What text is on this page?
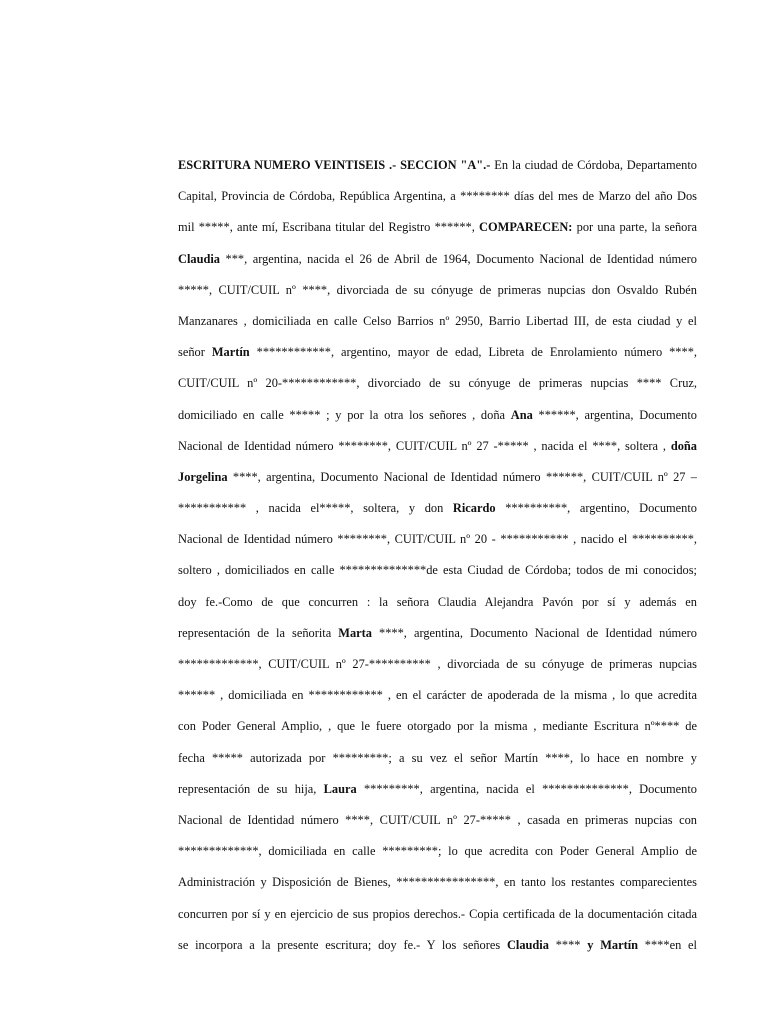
ESCRITURA NUMERO VEINTISEIS .- SECCION "A".- En la ciudad de Córdoba, Departamento
Capital, Provincia de Córdoba, República Argentina, a ******** días del mes de Marzo del año Dos
mil *****, ante mí, Escribana titular del Registro ******, COMPARECEN: por una parte, la señora
Claudia ***, argentina, nacida el 26 de Abril de 1964, Documento Nacional de Identidad número
*****, CUIT/CUIL nº ****, divorciada de su cónyuge de primeras nupcias don Osvaldo Rubén
Manzanares , domiciliada en calle Celso Barrios nº 2950, Barrio Libertad III, de esta ciudad y el
señor Martín ************, argentino, mayor de edad, Libreta de Enrolamiento número ****,
CUIT/CUIL nº 20-************, divorciado de su cónyuge de primeras nupcias **** Cruz,
domiciliado en calle ***** ; y por la otra los señores , doña Ana ******, argentina, Documento
Nacional de Identidad número ********, CUIT/CUIL nº 27 -***** , nacida el ****, soltera , doña
Jorgelina ****, argentina, Documento Nacional de Identidad número ******, CUIT/CUIL nº 27 –
*********** , nacida el*****, soltera, y don Ricardo **********, argentino, Documento
Nacional de Identidad número ********, CUIT/CUIL nº 20 - *********** , nacido el **********,
soltero , domiciliados en calle **************de esta Ciudad de Córdoba; todos de mi conocidos;
doy fe.-Como de que concurren : la señora Claudia Alejandra Pavón por sí y además en
representación de la señorita Marta ****, argentina, Documento Nacional de Identidad número
*************, CUIT/CUIL nº 27-********** , divorciada de su cónyuge de primeras nupcias
****** , domiciliada en ************ , en el carácter de apoderada de la misma , lo que acredita
con Poder General Amplio, , que le fuere otorgado por la misma , mediante Escritura nº**** de
fecha ***** autorizada por *********; a su vez el señor Martín ****, lo hace en nombre y
representación de su hija, Laura *********, argentina, nacida el **************, Documento
Nacional de Identidad número ****, CUIT/CUIL nº 27-***** , casada en primeras nupcias con
*************, domiciliada en calle *********; lo que acredita con Poder General Amplio de
Administración y Disposición de Bienes, ****************, en tanto los restantes comparecientes
concurren por sí y en ejercicio de sus propios derechos.- Copia certificada de la documentación citada
se incorpora a la presente escritura; doy fe.- Y los señores Claudia **** y Martín ****en el
